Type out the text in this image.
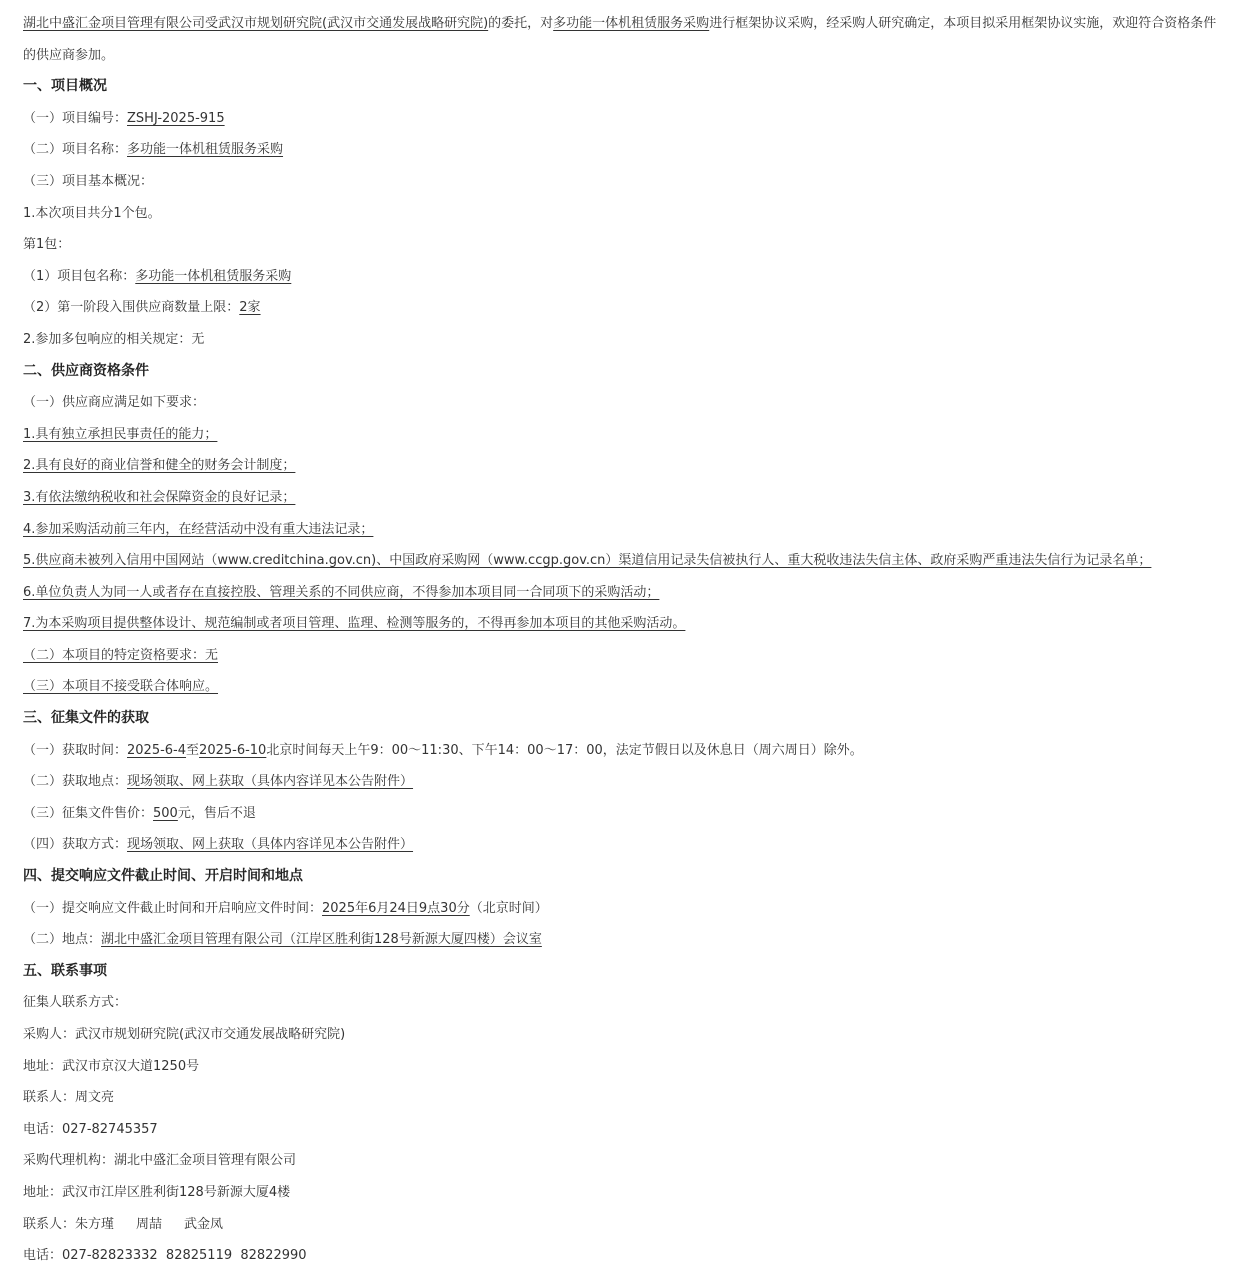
湖北中盛汇金项目管理有限公司受武汉市规划研究院(武汉市交通发展战略研究院)的委托，对多功能一体机租赁服务采购进行框架协议采购，经采购人研究确定，本项目拟采用框架协议实施，欢迎符合资格条件的供应商参加。
一、项目概况
（一）项目编号：ZSHJ-2025-915
（二）项目名称：多功能一体机租赁服务采购
（三）项目基本概况：
1.本次项目共分1个包。
第1包：
（1）项目包名称：多功能一体机租赁服务采购
（2）第一阶段入围供应商数量上限：2家
2.参加多包响应的相关规定：无
二、供应商资格条件
（一）供应商应满足如下要求：
1.具有独立承担民事责任的能力；
2.具有良好的商业信誉和健全的财务会计制度；
3.有依法缴纳税收和社会保障资金的良好记录；
4.参加采购活动前三年内，在经营活动中没有重大违法记录；
5.供应商未被列入信用中国网站（www.creditchina.gov.cn)、中国政府采购网（www.ccgp.gov.cn）渠道信用记录失信被执行人、重大税收违法失信主体、政府采购严重违法失信行为记录名单；
6.单位负责人为同一人或者存在直接控股、管理关系的不同供应商，不得参加本项目同一合同项下的采购活动；
7.为本采购项目提供整体设计、规范编制或者项目管理、监理、检测等服务的，不得再参加本项目的其他采购活动。
（二）本项目的特定资格要求：无
（三）本项目不接受联合体响应。
三、征集文件的获取
（一）获取时间：2025-6-4至2025-6-10北京时间每天上午9：00～11:30、下午14：00～17：00，法定节假日以及休息日（周六周日）除外。
（二）获取地点：现场领取、网上获取（具体内容详见本公告附件）
（三）征集文件售价：500元，售后不退
（四）获取方式：现场领取、网上获取（具体内容详见本公告附件）
四、提交响应文件截止时间、开启时间和地点
（一）提交响应文件截止时间和开启响应文件时间：2025年6月24日9点30分（北京时间）
（二）地点：湖北中盛汇金项目管理有限公司（江岸区胜利街128号新源大厦四楼）会议室
五、联系事项
征集人联系方式：
采购人：武汉市规划研究院(武汉市交通发展战略研究院)
地址：武汉市京汉大道1250号
联系人：周文亮
电话：027-82745357
采购代理机构：湖北中盛汇金项目管理有限公司
地址：武汉市江岸区胜利街128号新源大厦4楼
联系人：朱方瑾 周喆 武金凤
电话：027-82823332  82825119  82822990
